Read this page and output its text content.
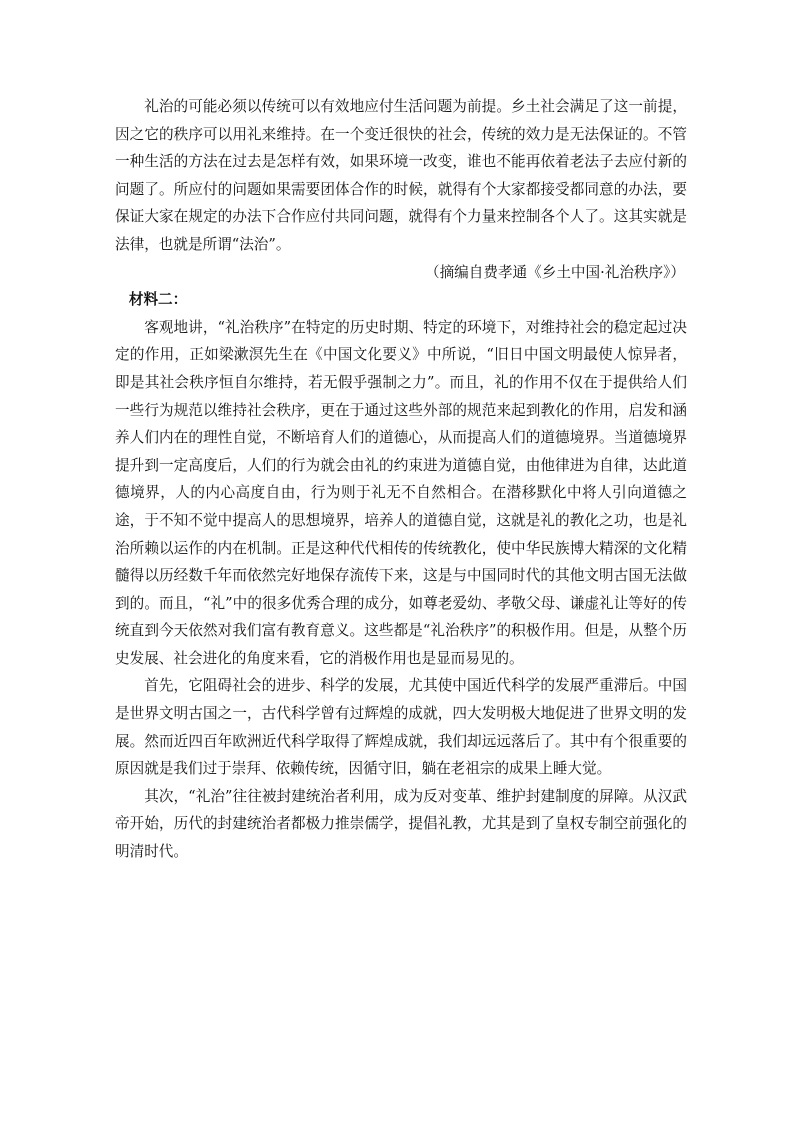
礼治的可能必须以传统可以有效地应付生活问题为前提。乡土社会满足了这一前提，因之它的秩序可以用礼来维持。在一个变迁很快的社会，传统的效力是无法保证的。不管一种生活的方法在过去是怎样有效，如果环境一改变，谁也不能再依着老法子去应付新的问题了。所应付的问题如果需要团体合作的时候，就得有个大家都接受都同意的办法，要保证大家在规定的办法下合作应付共同问题，就得有个力量来控制各个人了。这其实就是法律，也就是所谓“法治”。

（摘编自费孝通《乡土中国·礼治秩序》）

材料二：

客观地讲，“礼治秩序”在特定的历史时期、特定的环境下，对维持社会的稳定起过决定的作用，正如梁漱溟先生在《中国文化要义》中所说，“旧日中国文明最使人惊异者，即是其社会秩序恒自尔维持，若无假乎强制之力”。而且，礼的作用不仅在于提供给人们一些行为规范以维持社会秩序，更在于通过这些外部的规范来起到教化的作用，启发和涵养人们内在的理性自觉，不断培育人们的道德心，从而提高人们的道德境界。当道德境界提升到一定高度后，人们的行为就会由礼的约束进为道德自觉，由他律进为自律，达此道德境界，人的内心高度自由，行为则于礼无不自然相合。在潜移默化中将人引向道德之途，于不知不觉中提高人的思想境界，培养人的道德自觉，这就是礼的教化之功，也是礼治所赖以运作的内在机制。正是这种代代相传的传统教化，使中华民族博大精深的文化精髓得以历经数千年而依然完好地保存流传下来，这是与中国同时代的其他文明古国无法做到的。而且，“礼”中的很多优秀合理的成分，如尊老爱幼、孝敬父母、谦虚礼让等好的传统直到今天依然对我们富有教育意义。这些都是“礼治秩序”的积极作用。但是，从整个历史发展、社会进化的角度来看，它的消极作用也是显而易见的。

首先，它阻碍社会的进步、科学的发展，尤其使中国近代科学的发展严重滞后。中国是世界文明古国之一，古代科学曾有过辉煌的成就，四大发明极大地促进了世界文明的发展。然而近四百年欧洲近代科学取得了辉煌成就，我们却远远落后了。其中有个很重要的原因就是我们过于崇拜、依赖传统，因循守旧，躺在老祖宗的成果上睡大觉。

其次，“礼治”往往被封建统治者利用，成为反对变革、维护封建制度的屏障。从汉武帝开始，历代的封建统治者都极力推崇儒学，提倡礼教，尤其是到了皇权专制空前强化的明清时代。
